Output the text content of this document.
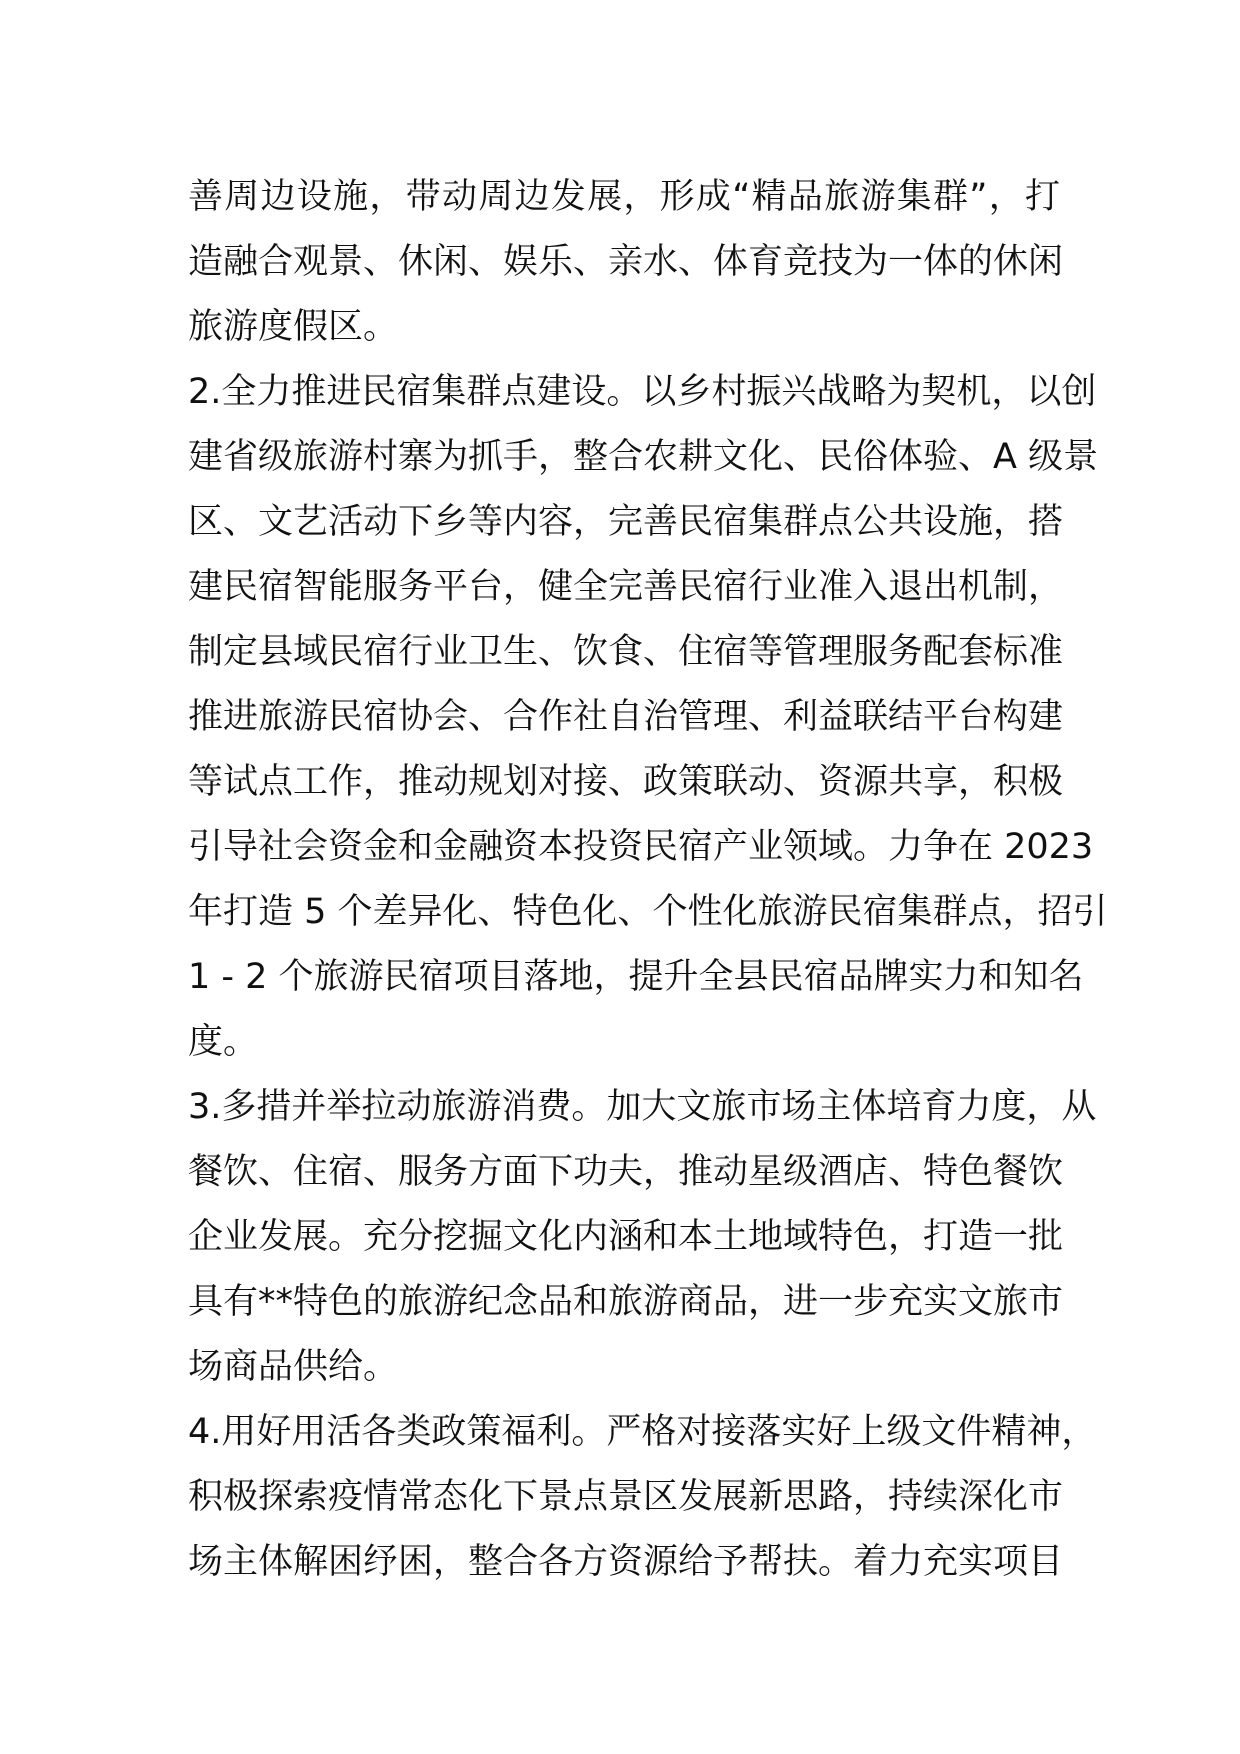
善周边设施，带动周边发展，形成“精品旅游集群”，打
造融合观景、休闲、娱乐、亲水、体育竞技为一体的休闲
旅游度假区。
2.全力推进民宿集群点建设。以乡村振兴战略为契机，以创
建省级旅游村寨为抓手，整合农耕文化、民俗体验、A 级景
区、文艺活动下乡等内容，完善民宿集群点公共设施，搭
建民宿智能服务平台，健全完善民宿行业准入退出机制，
制定县域民宿行业卫生、饮食、住宿等管理服务配套标准
推进旅游民宿协会、合作社自治管理、利益联结平台构建
等试点工作，推动规划对接、政策联动、资源共享，积极
引导社会资金和金融资本投资民宿产业领域。力争在 2023
年打造 5 个差异化、特色化、个性化旅游民宿集群点，招引
1 - 2 个旅游民宿项目落地，提升全县民宿品牌实力和知名
度。
3.多措并举拉动旅游消费。加大文旅市场主体培育力度，从
餐饮、住宿、服务方面下功夫，推动星级酒店、特色餐饮
企业发展。充分挖掘文化内涵和本土地域特色，打造一批
具有**特色的旅游纪念品和旅游商品，进一步充实文旅市
场商品供给。
4.用好用活各类政策福利。严格对接落实好上级文件精神，
积极探索疫情常态化下景点景区发展新思路，持续深化市
场主体解困纾困，整合各方资源给予帮扶。着力充实项目
